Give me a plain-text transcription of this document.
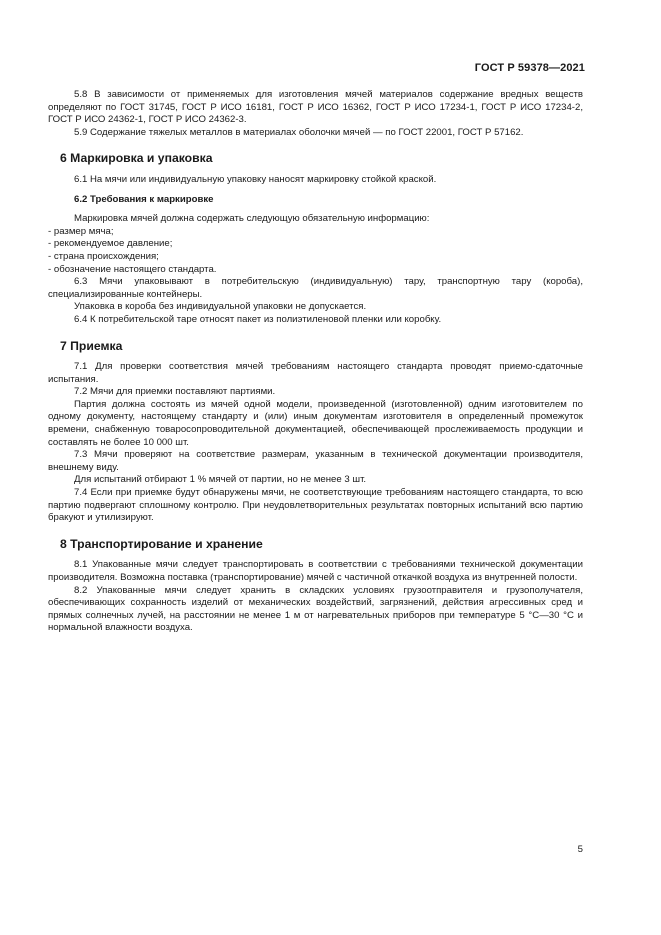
ГОСТ Р 59378—2021

5.8 В зависимости от применяемых для изготовления мячей материалов содержание вредных веществ определяют по ГОСТ 31745, ГОСТ Р ИСО 16181, ГОСТ Р ИСО 16362, ГОСТ Р ИСО 17234-1, ГОСТ Р ИСО 17234-2, ГОСТ Р ИСО 24362-1, ГОСТ Р ИСО 24362-3.

5.9 Содержание тяжелых металлов в материалах оболочки мячей — по ГОСТ 22001, ГОСТ Р 57162.

6 Маркировка и упаковка

6.1 На мячи или индивидуальную упаковку наносят маркировку стойкой краской.

6.2 Требования к маркировке

Маркировка мячей должна содержать следующую обязательную информацию:

- размер мяча;

- рекомендуемое давление;

- страна происхождения;

- обозначение настоящего стандарта.

6.3 Мячи упаковывают в потребительскую (индивидуальную) тару, транспортную тару (короба), специализированные контейнеры.

Упаковка в короба без индивидуальной упаковки не допускается.

6.4 К потребительской таре относят пакет из полиэтиленовой пленки или коробку.

7 Приемка

7.1 Для проверки соответствия мячей требованиям настоящего стандарта проводят приемо-сдаточные испытания.

7.2 Мячи для приемки поставляют партиями.

Партия должна состоять из мячей одной модели, произведенной (изготовленной) одним изготовителем по одному документу, настоящему стандарту и (или) иным документам изготовителя в определенный промежуток времени, снабженную товаросопроводительной документацией, обеспечивающей прослеживаемость продукции и составлять не более 10 000 шт.

7.3 Мячи проверяют на соответствие размерам, указанным в технической документации производителя, внешнему виду.

Для испытаний отбирают 1 % мячей от партии, но не менее 3 шт.

7.4 Если при приемке будут обнаружены мячи, не соответствующие требованиям настоящего стандарта, то всю партию подвергают сплошному контролю. При неудовлетворительных результатах повторных испытаний всю партию бракуют и утилизируют.

8 Транспортирование и хранение

8.1 Упакованные мячи следует транспортировать в соответствии с требованиями технической документации производителя. Возможна поставка (транспортирование) мячей с частичной откачкой воздуха из внутренней полости.

8.2 Упакованные мячи следует хранить в складских условиях грузоотправителя и грузополучателя, обеспечивающих сохранность изделий от механических воздействий, загрязнений, действия агрессивных сред и прямых солнечных лучей, на расстоянии не менее 1 м от нагревательных приборов при температуре 5 °С—30 °С и нормальной влажности воздуха.

5
